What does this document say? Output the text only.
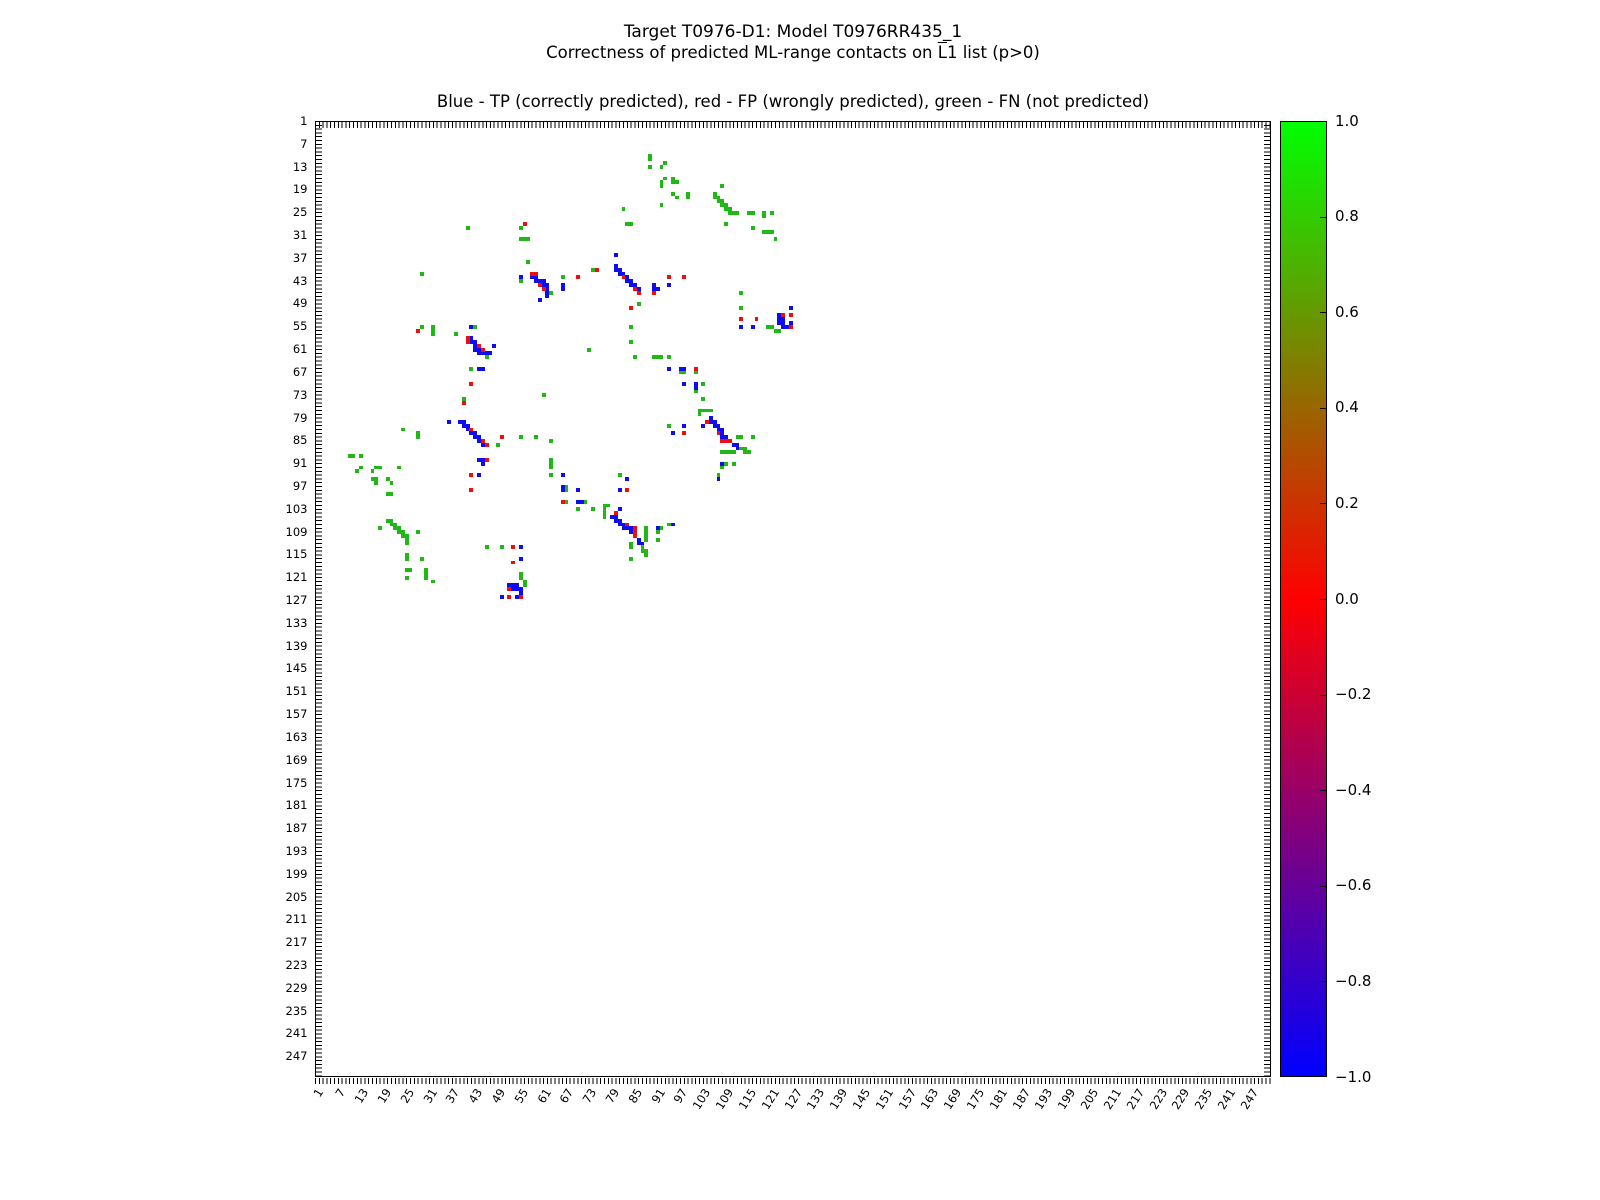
Target T0976-D1: Model T0976RR435_1
Correctness of predicted ML-range contacts on $\overline{L}1$ list (p>0)
Blue - TP (correctly predicted), red - FP (wrongly predicted), green - FN (not predicted)
1
7
13
19
25
31
37
43
49
55
61
67
73
79
85
91
97
103
109
115
121
127
133
139
145
151
157
163
169
175
181
187
193
199
205
211
217
223
229
235
241
247
1 7 13 19 25 31 37 43 49 55 61 67 73 79 85 91 97 103 109 115 121 127 133 139 145 151 157 163 169 175 181 187 193 199 205 211 217 223 229 235 241 247
1.0
0.8
0.6
0.4
0.2
0.0
−0.2
−0.4
−0.6
−0.8
−1.0
